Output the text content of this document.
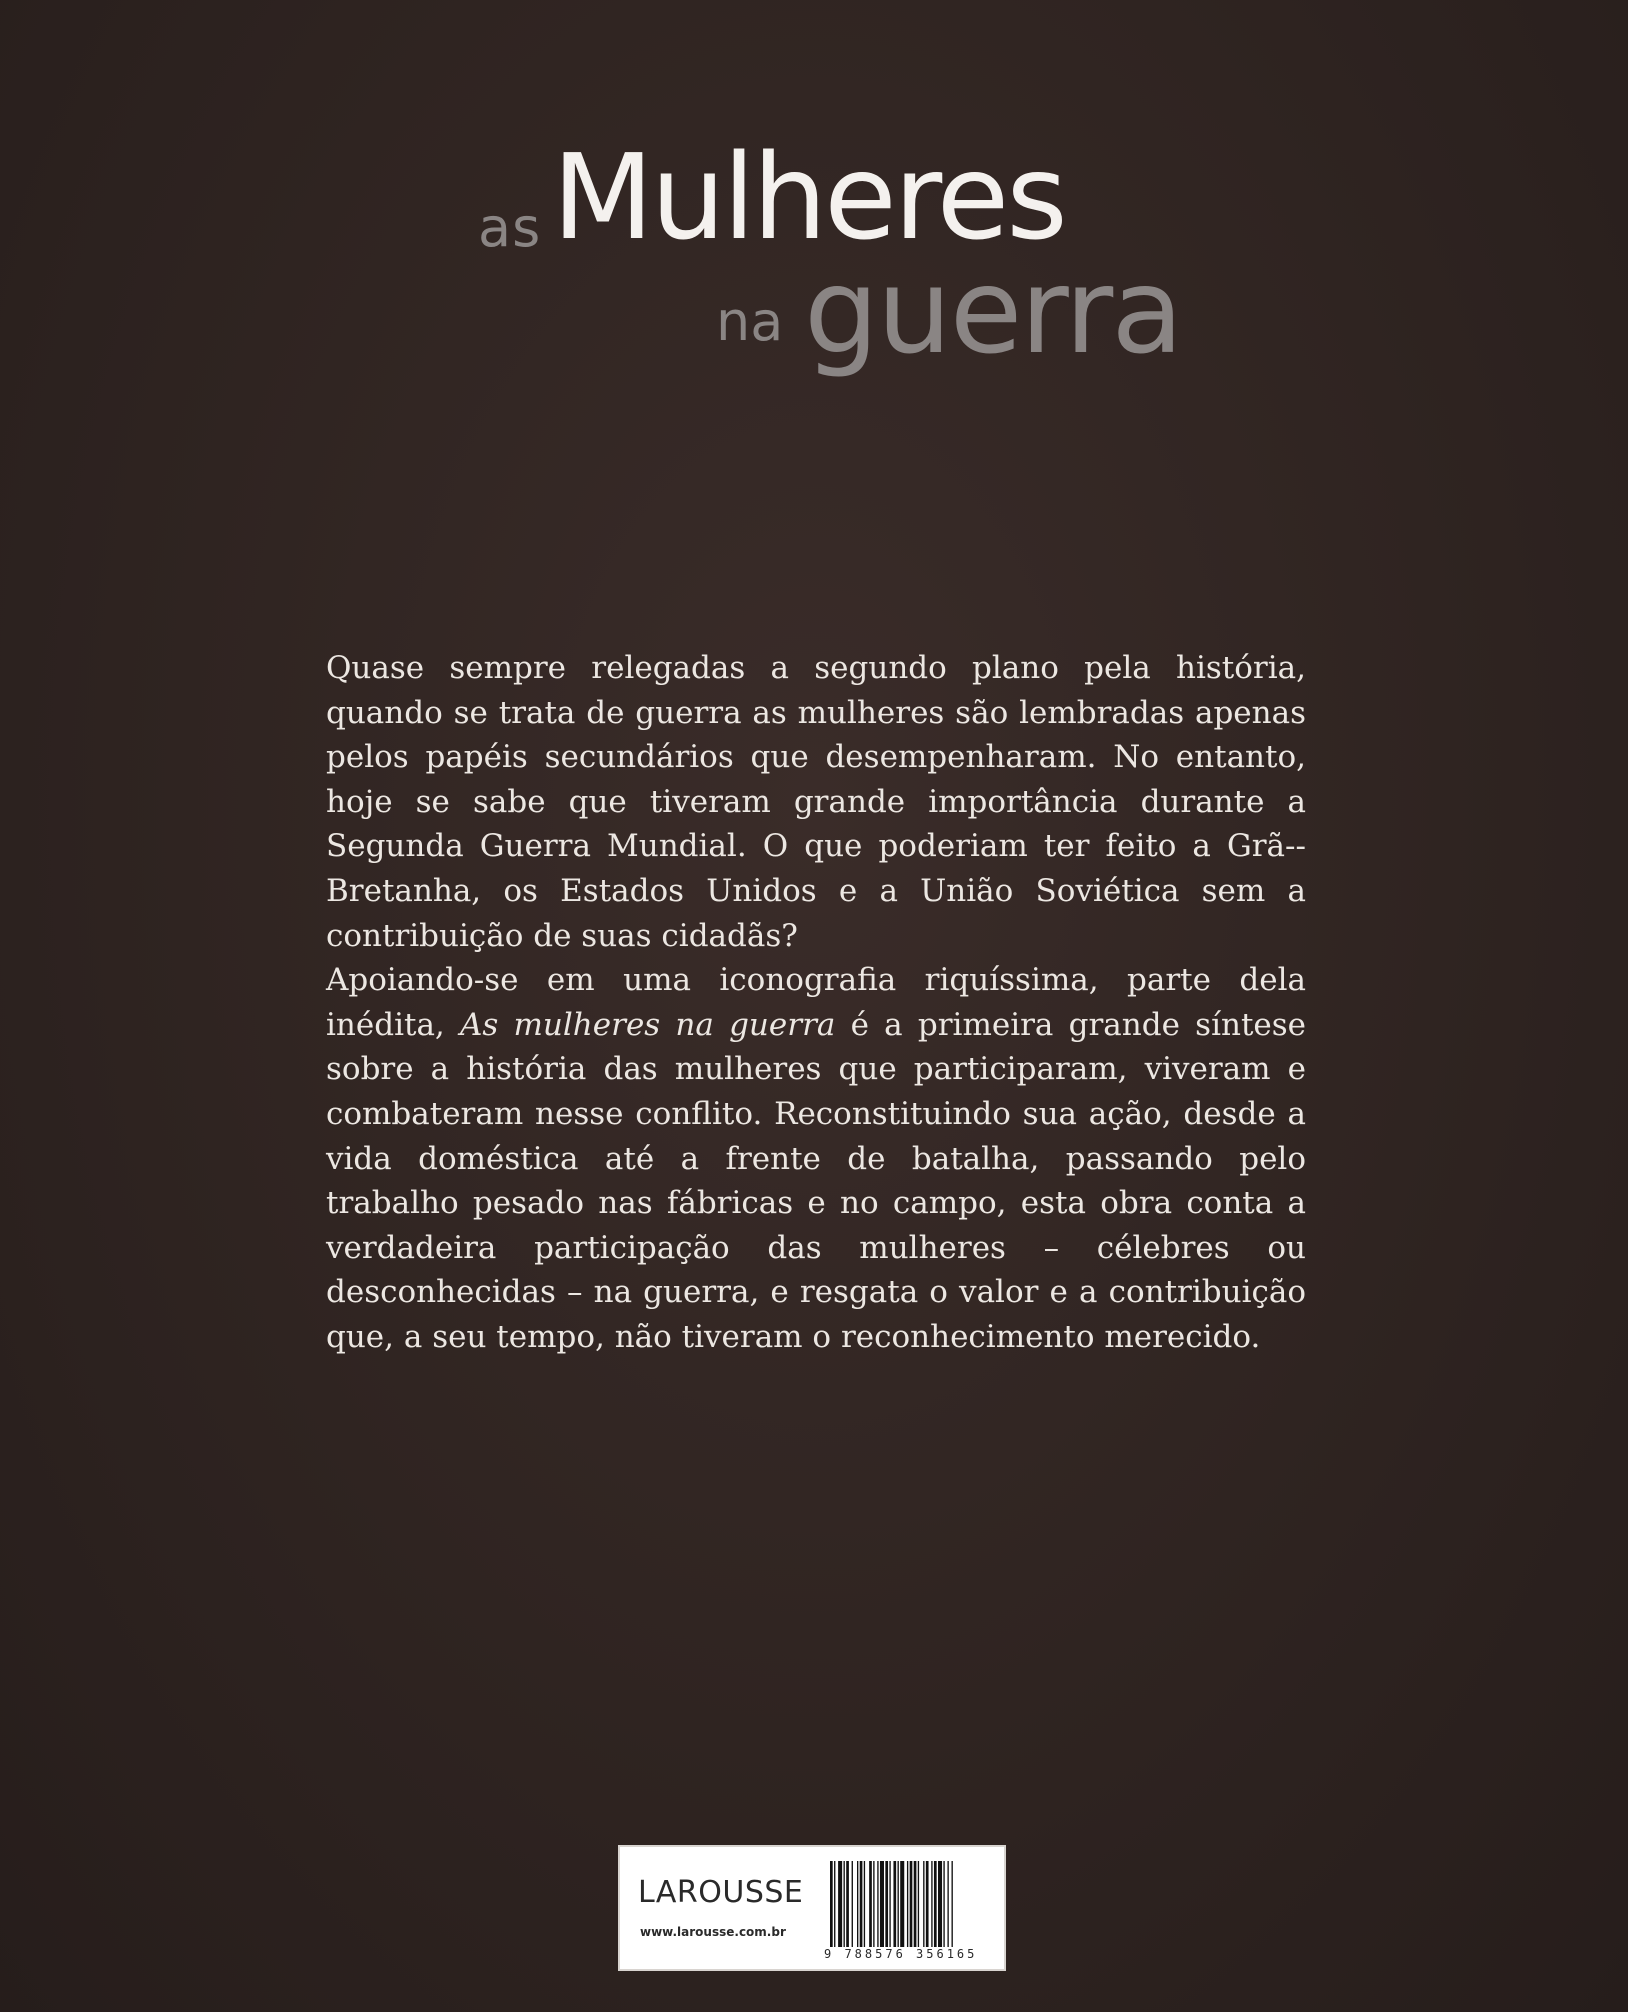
as Mulheres
na guerra

Quase sempre relegadas a segundo plano pela história, quando se trata de guerra as mulheres são lembradas apenas pelos papéis secundários que desempenharam. No entanto, hoje se sabe que tiveram grande importância durante a Segunda Guerra Mundial. O que poderiam ter feito a Grã--Bretanha, os Estados Unidos e a União Soviética sem a contribuição de suas cidadãs?

Apoiando-se em uma iconografia riquíssima, parte dela inédita, As mulheres na guerra é a primeira grande síntese sobre a história das mulheres que participaram, viveram e combateram nesse conflito. Reconstituindo sua ação, desde a vida doméstica até a frente de batalha, passando pelo trabalho pesado nas fábricas e no campo, esta obra conta a verdadeira participação das mulheres – célebres ou desconhecidas – na guerra, e resgata o valor e a contribuição que, a seu tempo, não tiveram o reconhecimento merecido.

LAROUSSE
www.larousse.com.br
9 788576 356165
